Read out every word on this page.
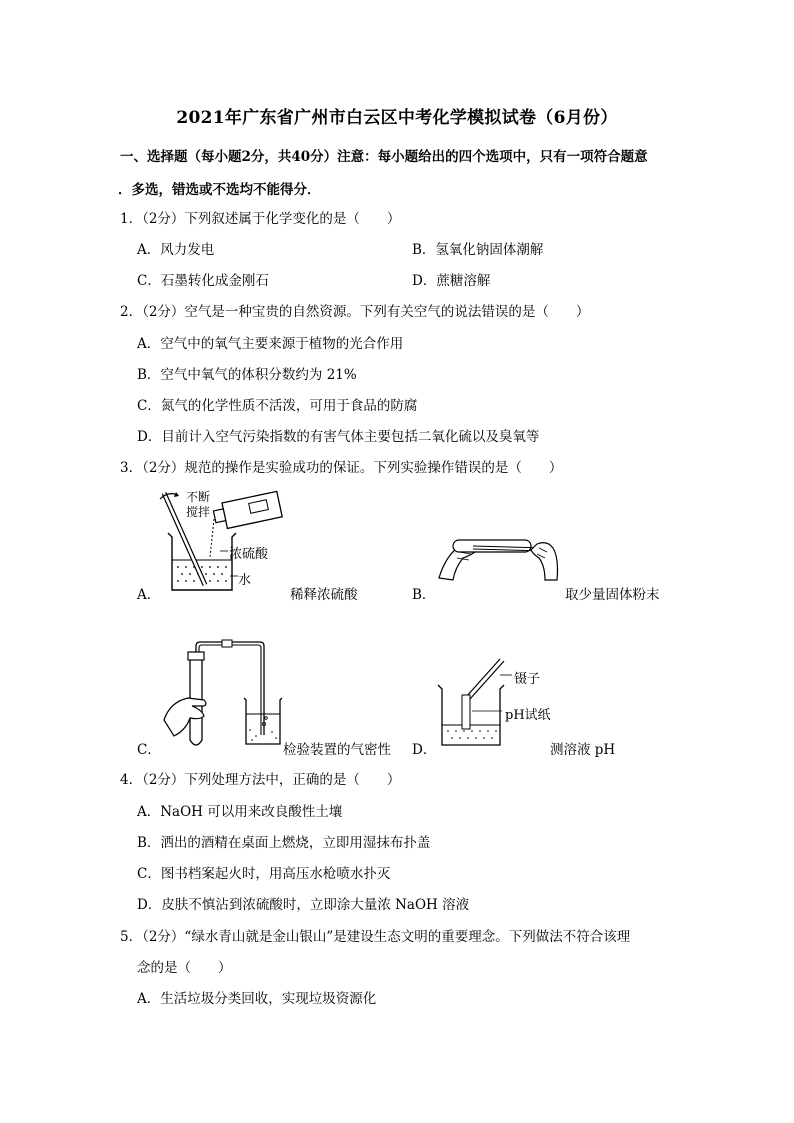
2021年广东省广州市白云区中考化学模拟试卷（6月份）
一、选择题（每小题2分，共40分）注意：每小题给出的四个选项中，只有一项符合题意
．多选，错选或不选均不能得分．
1．（2分）下列叙述属于化学变化的是（　　）
A．风力发电	B．氢氧化钠固体潮解
C．石墨转化成金刚石	D．蔗糖溶解
2．（2分）空气是一种宝贵的自然资源。下列有关空气的说法错误的是（　　）
A．空气中的氧气主要来源于植物的光合作用
B．空气中氧气的体积分数约为 21%
C．氮气的化学性质不活泼，可用于食品的防腐
D．目前计入空气污染指数的有害气体主要包括二氧化硫以及臭氧等
3．（2分）规范的操作是实验成功的保证。下列实验操作错误的是（　　）
不断
搅拌
浓硫酸
水
A．	稀释浓硫酸	B．	取少量固体粉末
C．	检验装置的气密性
镊子
pH试纸
D．	测溶液 pH
4．（2分）下列处理方法中，正确的是（　　）
A．NaOH 可以用来改良酸性土壤
B．洒出的酒精在桌面上燃烧，立即用湿抹布扑盖
C．图书档案起火时，用高压水枪喷水扑灭
D．皮肤不慎沾到浓硫酸时，立即涂大量浓 NaOH 溶液
5．（2分）“绿水青山就是金山银山”是建设生态文明的重要理念。下列做法不符合该理
念的是（　　）
A．生活垃圾分类回收，实现垃圾资源化
